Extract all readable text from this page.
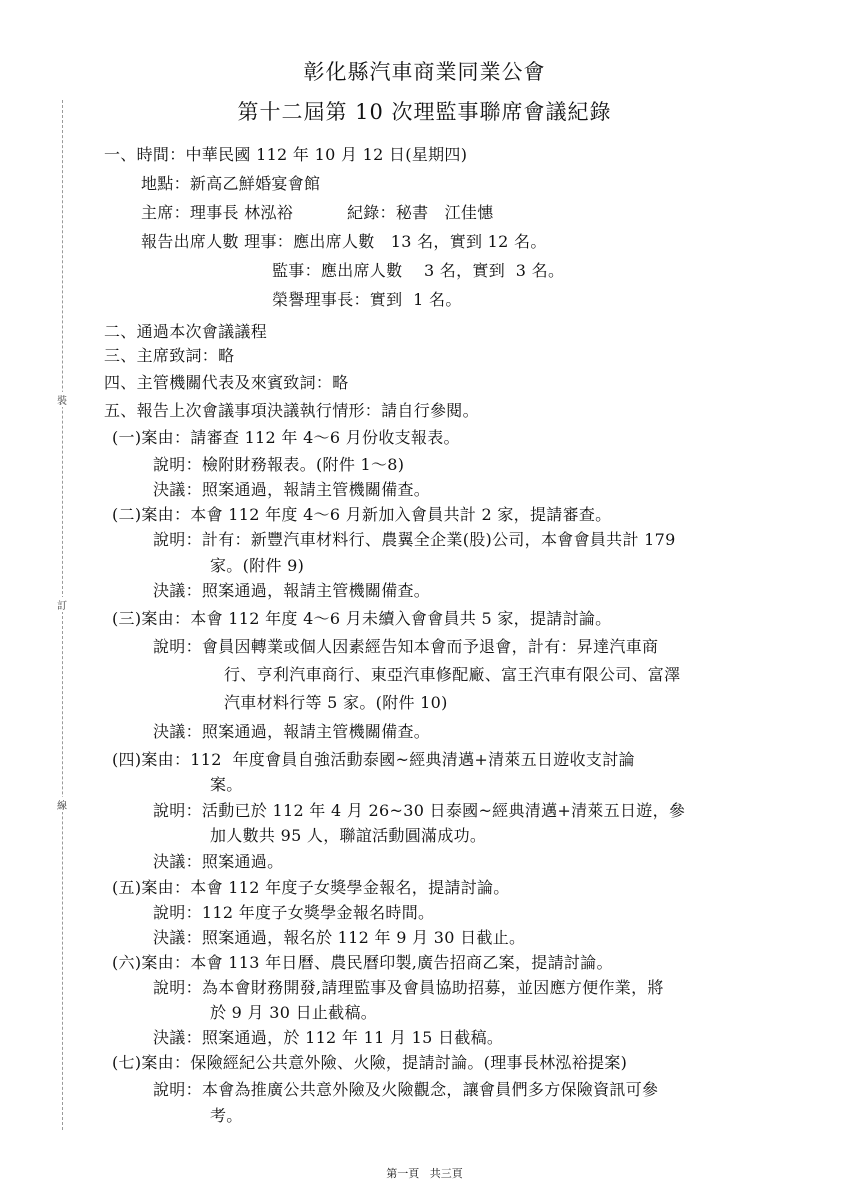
裝
訂
線
彰化縣汽車商業同業公會
第十二屆第 10 次理監事聯席會議紀錄
一、時間：中華民國 112 年 10 月 12 日(星期四)
地點：新高乙鮮婚宴會館
主席：理事長 林泓裕          紀錄：秘書   江佳憓
報告出席人數 理事：應出席人數   13 名，實到 12 名。
監事：應出席人數    3 名，實到  3 名。
榮譽理事長：實到  1 名。
二、通過本次會議議程
三、主席致詞：略
四、主管機關代表及來賓致詞：略
五、報告上次會議事項決議執行情形：請自行參閱。
(一)案由：請審查 112 年 4～6 月份收支報表。
說明：檢附財務報表。(附件 1～8)
決議：照案通過，報請主管機關備查。
(二)案由：本會 112 年度 4～6 月新加入會員共計 2 家，提請審查。
說明：計有：新豐汽車材料行、農翼全企業(股)公司，本會會員共計 179
家。(附件 9)
決議：照案通過，報請主管機關備查。
(三)案由：本會 112 年度 4～6 月未續入會會員共 5 家，提請討論。
說明：會員因轉業或個人因素經告知本會而予退會，計有：昇達汽車商
行、亨利汽車商行、東亞汽車修配廠、富王汽車有限公司、富澤
汽車材料行等 5 家。(附件 10)
決議：照案通過，報請主管機關備查。
(四)案由：112  年度會員自強活動泰國~經典清邁+清萊五日遊收支討論
案。
說明：活動已於 112 年 4 月 26~30 日泰國~經典清邁+清萊五日遊，參
加人數共 95 人，聯誼活動圓滿成功。
決議：照案通過。
(五)案由：本會 112 年度子女獎學金報名，提請討論。
說明：112 年度子女獎學金報名時間。
決議：照案通過，報名於 112 年 9 月 30 日截止。
(六)案由：本會 113 年日曆、農民曆印製,廣告招商乙案，提請討論。
說明：為本會財務開發,請理監事及會員協助招募，並因應方便作業，將
於 9 月 30 日止截稿。
決議：照案通過，於 112 年 11 月 15 日截稿。
(七)案由：保險經紀公共意外險、火險，提請討論。(理事長林泓裕提案)
說明：本會為推廣公共意外險及火險觀念，讓會員們多方保險資訊可參
考。
第一頁   共三頁
